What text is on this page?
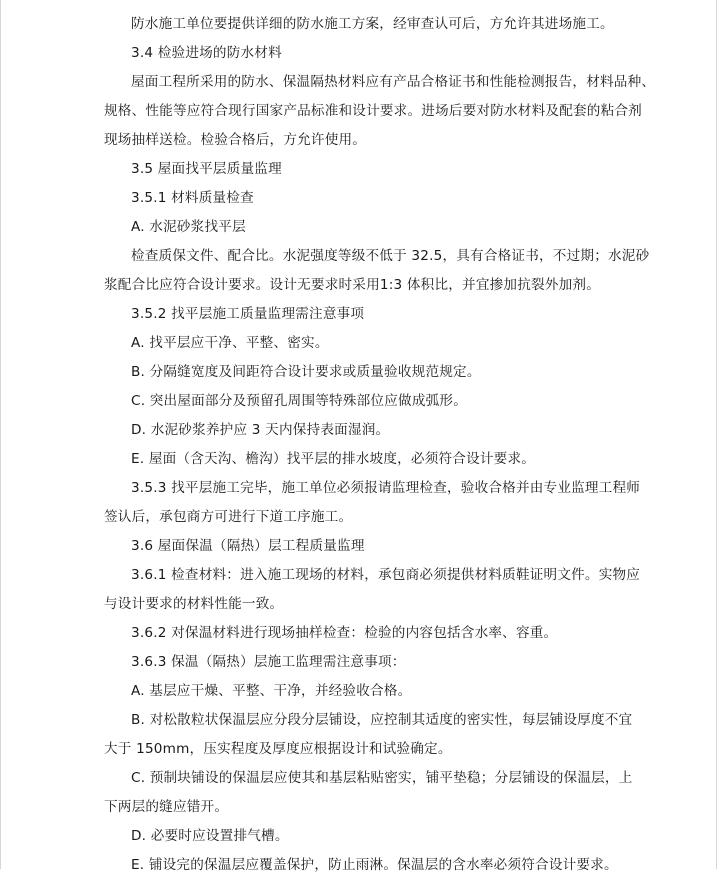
防水施工单位要提供详细的防水施工方案，经审查认可后，方允许其进场施工。
3.4 检验进场的防水材料
屋面工程所采用的防水、保温隔热材料应有产品合格证书和性能检测报告，材料品种、
规格、性能等应符合现行国家产品标准和设计要求。进场后要对防水材料及配套的粘合剂
现场抽样送检。检验合格后，方允许使用。
3.5 屋面找平层质量监理
3.5.1 材料质量检查
A. 水泥砂浆找平层
检查质保文件、配合比。水泥强度等级不低于 32.5，具有合格证书，不过期；水泥砂
浆配合比应符合设计要求。设计无要求时采用1:3 体积比，并宜掺加抗裂外加剂。
3.5.2 找平层施工质量监理需注意事项
A. 找平层应干净、平整、密实。
B. 分隔缝宽度及间距符合设计要求或质量验收规范规定。
C. 突出屋面部分及预留孔周围等特殊部位应做成弧形。
D. 水泥砂浆养护应 3 天内保持表面湿润。
E. 屋面（含天沟、檐沟）找平层的排水坡度，必须符合设计要求。
3.5.3 找平层施工完毕，施工单位必须报请监理检查，验收合格并由专业监理工程师
签认后，承包商方可进行下道工序施工。
3.6 屋面保温（隔热）层工程质量监理
3.6.1 检查材料：进入施工现场的材料，承包商必须提供材料质鞋证明文件。实物应
与设计要求的材料性能一致。
3.6.2 对保温材料进行现场抽样检查：检验的内容包括含水率、容重。
3.6.3 保温（隔热）层施工监理需注意事项：
A. 基层应干燥、平整、干净，并经验收合格。
B. 对松散粒状保温层应分段分层铺设，应控制其适度的密实性，每层铺设厚度不宜
大于 150mm，压实程度及厚度应根据设计和试验确定。
C. 预制块铺设的保温层应使其和基层粘贴密实，铺平垫稳；分层铺设的保温层，上
下两层的缝应错开。
D. 必要时应设置排气槽。
E. 铺设完的保温层应覆盖保护，防止雨淋。保温层的含水率必须符合设计要求。
